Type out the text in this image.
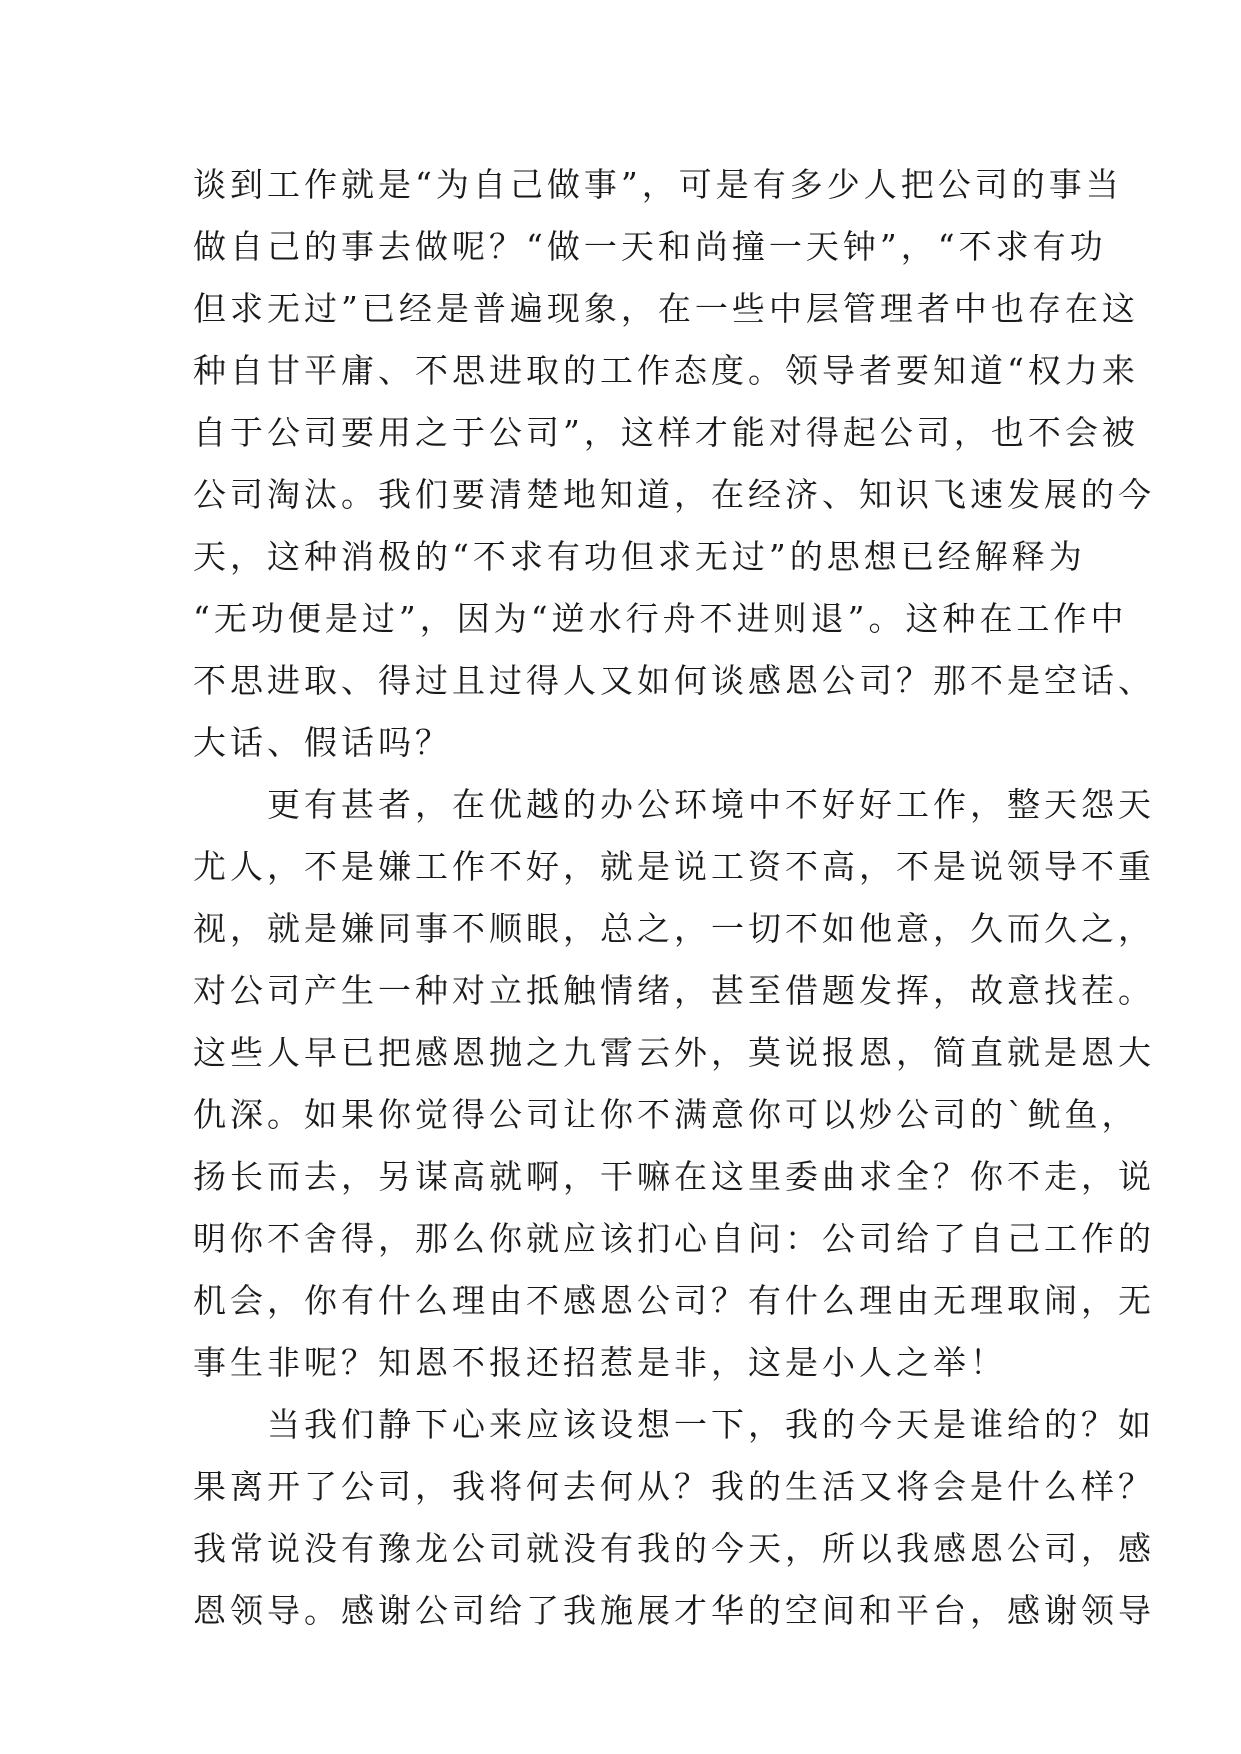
谈到工作就是“为自己做事”，可是有多少人把公司的事当
做自己的事去做呢？“做一天和尚撞一天钟”，“不求有功
但求无过”已经是普遍现象，在一些中层管理者中也存在这
种自甘平庸、不思进取的工作态度。领导者要知道“权力来
自于公司要用之于公司”，这样才能对得起公司，也不会被
公司淘汰。我们要清楚地知道，在经济、知识飞速发展的今
天，这种消极的“不求有功但求无过”的思想已经解释为
“无功便是过”，因为“逆水行舟不进则退”。这种在工作中
不思进取、得过且过得人又如何谈感恩公司？那不是空话、
大话、假话吗？
　　更有甚者，在优越的办公环境中不好好工作，整天怨天
尤人，不是嫌工作不好，就是说工资不高，不是说领导不重
视，就是嫌同事不顺眼，总之，一切不如他意，久而久之，
对公司产生一种对立抵触情绪，甚至借题发挥，故意找茬。
这些人早已把感恩抛之九霄云外，莫说报恩，简直就是恩大
仇深。如果你觉得公司让你不满意你可以炒公司的`鱿鱼，
扬长而去，另谋高就啊，干嘛在这里委曲求全？你不走，说
明你不舍得，那么你就应该扪心自问：公司给了自己工作的
机会，你有什么理由不感恩公司？有什么理由无理取闹，无
事生非呢？知恩不报还招惹是非，这是小人之举！
　　当我们静下心来应该设想一下，我的今天是谁给的？如
果离开了公司，我将何去何从？我的生活又将会是什么样？
我常说没有豫龙公司就没有我的今天，所以我感恩公司，感
恩领导。感谢公司给了我施展才华的空间和平台，感谢领导
